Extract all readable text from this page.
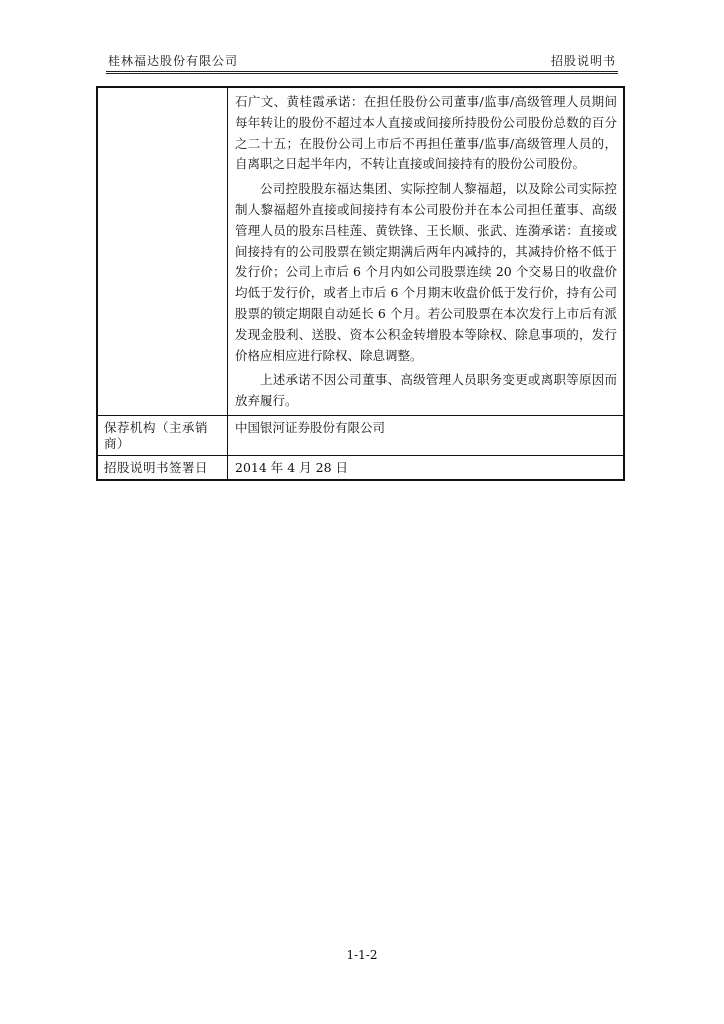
桂林福达股份有限公司	招股说明书

石广文、黄桂霞承诺：在担任股份公司董事/监事/高级管理人员期间每年转让的股份不超过本人直接或间接所持股份公司股份总数的百分之二十五；在股份公司上市后不再担任董事/监事/高级管理人员的，自离职之日起半年内，不转让直接或间接持有的股份公司股份。

公司控股股东福达集团、实际控制人黎福超，以及除公司实际控制人黎福超外直接或间接持有本公司股份并在本公司担任董事、高级管理人员的股东吕桂莲、黄铁锋、王长顺、张武、连漪承诺：直接或间接持有的公司股票在锁定期满后两年内减持的，其减持价格不低于发行价；公司上市后 6 个月内如公司股票连续 20 个交易日的收盘价均低于发行价，或者上市后 6 个月期末收盘价低于发行价，持有公司股票的锁定期限自动延长 6 个月。若公司股票在本次发行上市后有派发现金股利、送股、资本公积金转增股本等除权、除息事项的，发行价格应相应进行除权、除息调整。

上述承诺不因公司董事、高级管理人员职务变更或离职等原因而放弃履行。

保荐机构（主承销商）
中国银河证券股份有限公司
招股说明书签署日	2014 年 4 月 28 日
1-1-2
